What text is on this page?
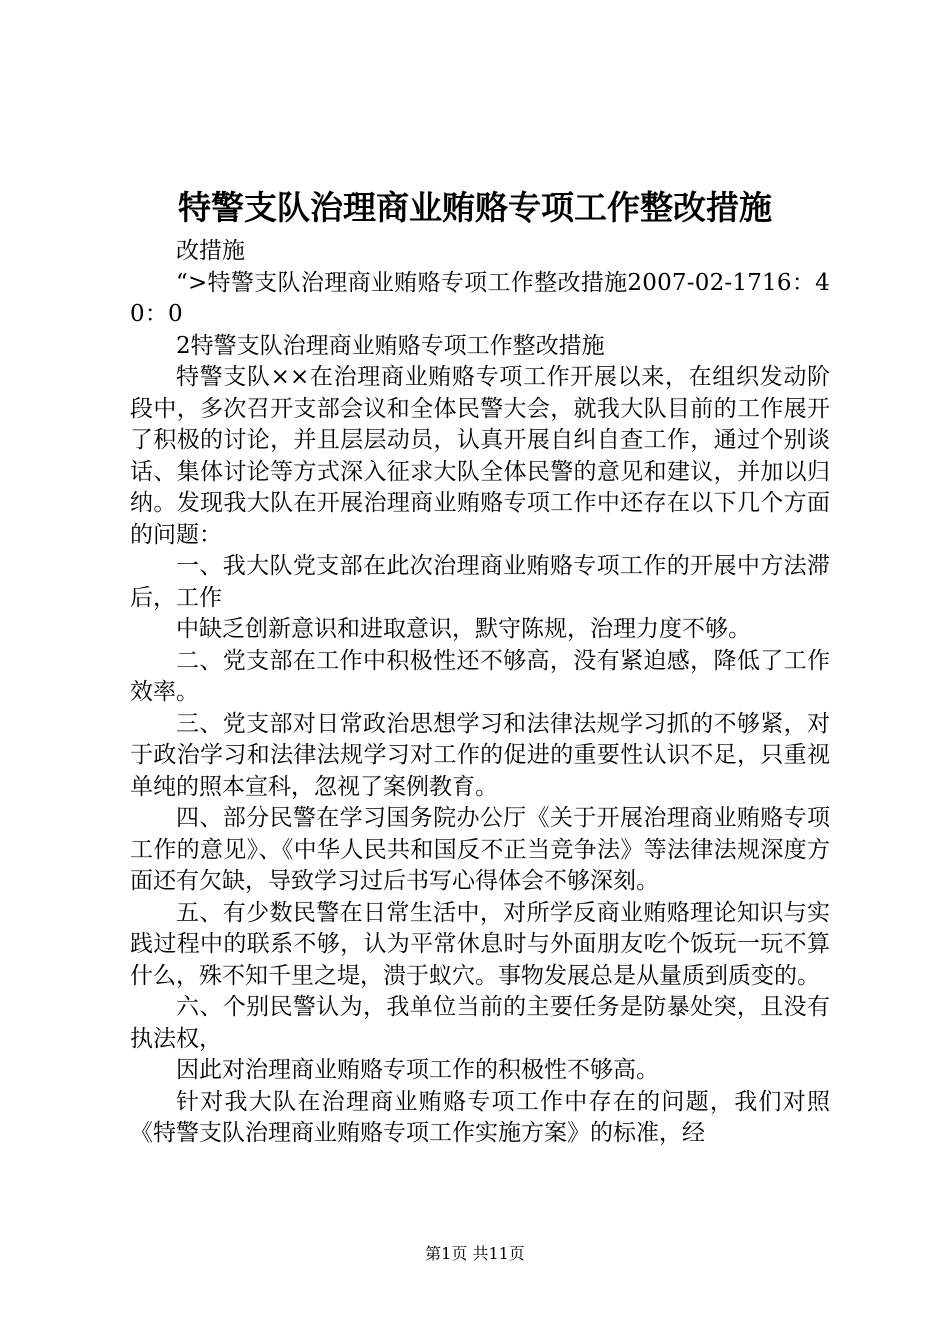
特警支队治理商业贿赂专项工作整改措施

改措施

“>特警支队治理商业贿赂专项工作整改措施2007-02-1716：40：0

2特警支队治理商业贿赂专项工作整改措施

特警支队××在治理商业贿赂专项工作开展以来，在组织发动阶段中，多次召开支部会议和全体民警大会，就我大队目前的工作展开了积极的讨论，并且层层动员，认真开展自纠自查工作，通过个别谈话、集体讨论等方式深入征求大队全体民警的意见和建议，并加以归纳。发现我大队在开展治理商业贿赂专项工作中还存在以下几个方面的问题：

一、我大队党支部在此次治理商业贿赂专项工作的开展中方法滞后，工作

中缺乏创新意识和进取意识，默守陈规，治理力度不够。

二、党支部在工作中积极性还不够高，没有紧迫感，降低了工作效率。

三、党支部对日常政治思想学习和法律法规学习抓的不够紧，对于政治学习和法律法规学习对工作的促进的重要性认识不足，只重视单纯的照本宣科，忽视了案例教育。

四、部分民警在学习国务院办公厅《关于开展治理商业贿赂专项工作的意见》、《中华人民共和国反不正当竞争法》等法律法规深度方面还有欠缺，导致学习过后书写心得体会不够深刻。

五、有少数民警在日常生活中，对所学反商业贿赂理论知识与实践过程中的联系不够，认为平常休息时与外面朋友吃个饭玩一玩不算什么，殊不知千里之堤，溃于蚁穴。事物发展总是从量质到质变的。

六、个别民警认为，我单位当前的主要任务是防暴处突，且没有执法权，

因此对治理商业贿赂专项工作的积极性不够高。

针对我大队在治理商业贿赂专项工作中存在的问题，我们对照《特警支队治理商业贿赂专项工作实施方案》的标准，经

第1页 共11页
